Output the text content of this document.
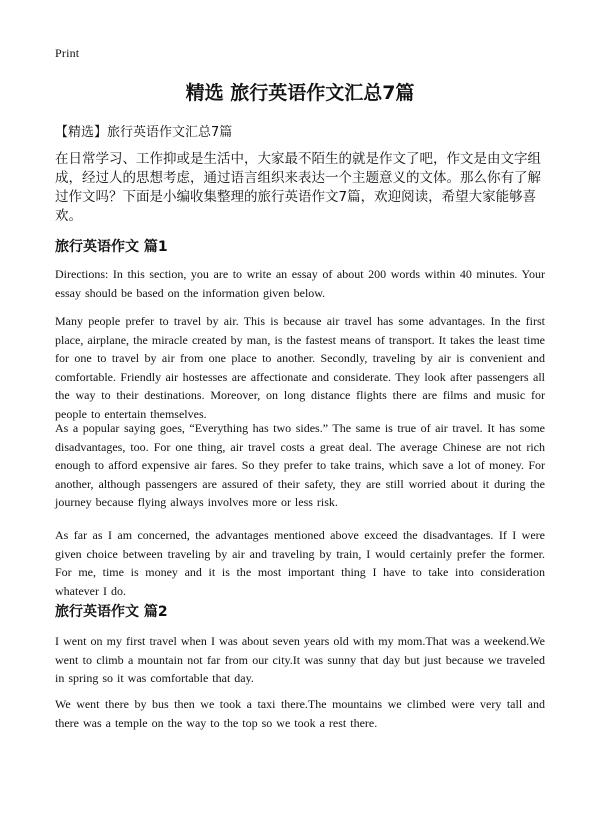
Print
精选 旅行英语作文汇总7篇
【精选】旅行英语作文汇总7篇
在日常学习、工作抑或是生活中，大家最不陌生的就是作文了吧，作文是由文字组成，经过人的思想考虑，通过语言组织来表达一个主题意义的文体。那么你有了解过作文吗？下面是小编收集整理的旅行英语作文7篇，欢迎阅读，希望大家能够喜欢。
旅行英语作文 篇1

Directions: In this section, you are to write an essay of about 200 words within 40 minutes. Your essay should be based on the information given below.

Many people prefer to travel by air. This is because air travel has some advantages. In the first place, airplane, the miracle created by man, is the fastest means of transport. It takes the least time for one to travel by air from one place to another. Secondly, traveling by air is convenient and comfortable. Friendly air hostesses are affectionate and considerate. They look after passengers all the way to their destinations. Moreover, on long distance flights there are films and music for people to entertain themselves.

As a popular saying goes, “Everything has two sides.” The same is true of air travel. It has some disadvantages, too. For one thing, air travel costs a great deal. The average Chinese are not rich enough to afford expensive air fares. So they prefer to take trains, which save a lot of money. For another, although passengers are assured of their safety, they are still worried about it during the journey because flying always involves more or less risk.

As far as I am concerned, the advantages mentioned above exceed the disadvantages. If I were given choice between traveling by air and traveling by train, I would certainly prefer the former. For me, time is money and it is the most important thing I have to take into consideration whatever I do.

旅行英语作文 篇2

I went on my first travel when I was about seven years old with my mom.That was a weekend.We went to climb a mountain not far from our city.It was sunny that day but just because we traveled in spring so it was comfortable that day.

We went there by bus then we took a taxi there.The mountains we climbed were very tall and there was a temple on the way to the top so we took a rest there.
